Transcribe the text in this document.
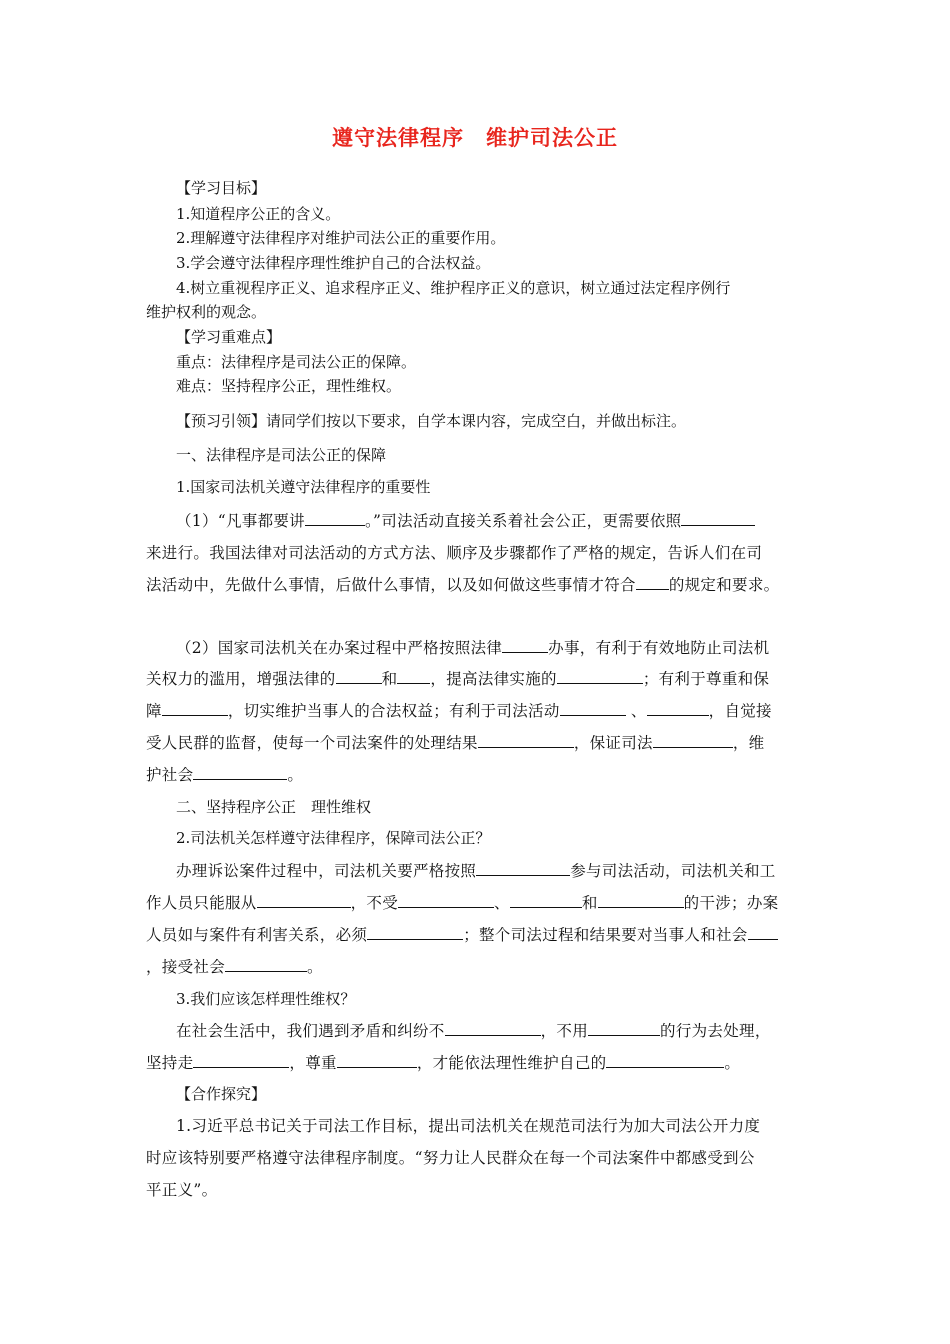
遵守法律程序　维护司法公正
【学习目标】
1.知道程序公正的含义。
2.理解遵守法律程序对维护司法公正的重要作用。
3.学会遵守法律程序理性维护自己的合法权益。
4.树立重视程序正义、追求程序正义、维护程序正义的意识，树立通过法定程序例行
维护权利的观念。
【学习重难点】
重点：法律程序是司法公正的保障。
难点：坚持程序公正，理性维权。
【预习引领】请同学们按以下要求，自学本课内容，完成空白，并做出标注。
一、法律程序是司法公正的保障
1.国家司法机关遵守法律程序的重要性
（1）“凡事都要讲	。”司法活动直接关系着社会公正，更需要依照
来进行。我国法律对司法活动的方式方法、顺序及步骤都作了严格的规定，告诉人们在司
法活动中，先做什么事情，后做什么事情，以及如何做这些事情才符合 的规定和要求。
（2）国家司法机关在办案过程中严格按照法律	办事，有利于有效地防止司法机
关权力的滥用，增强法律的	和 ，提高法律实施的	；有利于尊重和保
障	，切实维护当事人的合法权益；有利于司法活动	、	，自觉接
受人民群的监督，使每一个司法案件的处理结果	，保证司法	，维
护社会	。
二、坚持程序公正　理性维权
2.司法机关怎样遵守法律程序，保障司法公正？
办理诉讼案件过程中，司法机关要严格按照	参与司法活动，司法机关和工
作人员只能服从	，不受	、	和	的干涉；办案
人员如与案件有利害关系，必须	；整个司法过程和结果要对当事人和社会
，接受社会	。
3.我们应该怎样理性维权？
在社会生活中，我们遇到矛盾和纠纷不	，不用	的行为去处理，
坚持走	，尊重	，才能依法理性维护自己的	。
【合作探究】
1.习近平总书记关于司法工作目标，提出司法机关在规范司法行为加大司法公开力度
时应该特别要严格遵守法律程序制度。“努力让人民群众在每一个司法案件中都感受到公
平正义”。
